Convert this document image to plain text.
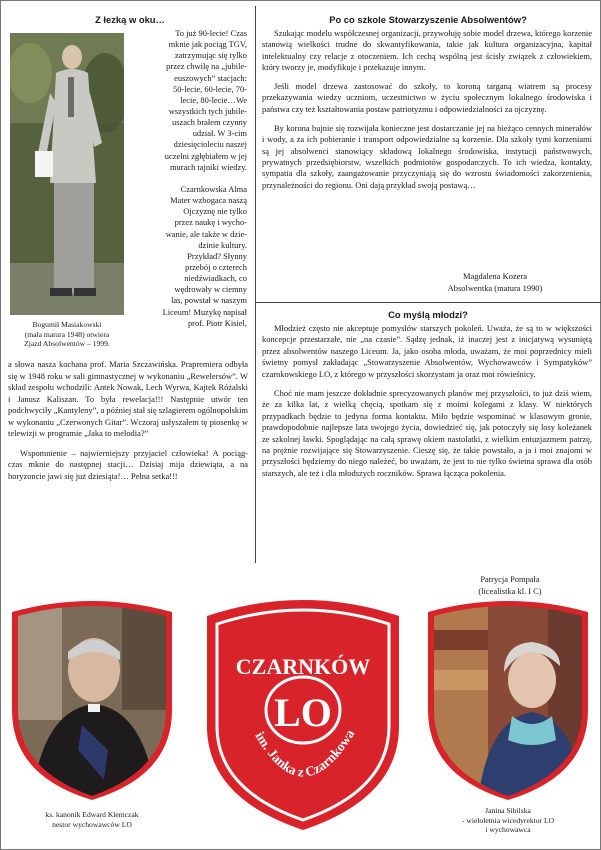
Z łezką w oku…
Bogumił Masiakowski
(mała matura 1948) otwiera
Zjazd Absolwentów – 1999.
To już 90-lecie! Czas
mknie jak pociąg TGV,
zatrzymując się tylko
przez chwilę na „jubile-
euszowych” stacjach:
50-lecie, 60-lecie, 70-
lecie, 80-lecie…We
wszystkich tych jubile-
uszach brałem czynny
udział. W 3-cim
dziesięcioleciu naszej
uczelni zgłębiałem w jej
murach tajniki wiedzy.
Czarnkowska Alma
Mater wzbogaca naszą
Ojczyznę nie tylko
przez naukę i wycho-
wanie, ale także w dzie-
dzinie kultury.
Przykład? Słynny
przebój o czterech
niedźwiadkach, co
wędrowały w ciemny
las, powstał w naszym
Liceum! Muzykę napisał
prof. Piotr Kisiel,

a słowa nasza kochana prof. Maria Szczawińska. Prapremiera odbyła się w 1948 roku w sali gimnastycznej w wykonaniu „Rewelersów”. W skład zespołu wchodzili: Antek Nowak, Lech Wyrwa, Kajtek Różalski i Janusz Kaliszan. To była rewelacja!!! Następnie utwór ten podchwyciły „Kantyleny”, a później stał się szlagierem ogólnopolskim w wykonaniu „Czerwonych Gitar”. Wczoraj usłyszałem tę piosenkę w telewizji w programie „Jaka to melodia?”

Wspomnienie – najwierniejszy przyjaciel człowieka! A pociąg-czas mknie do następnej stacji… Dzisiaj mija dziewiąta, a na horyzoncie jawi się już dziesiąta!… Pełna setka!!!

Po co szkole Stowarzyszenie Absolwentów?

Szukając modelu współczesnej organizacji, przywołuję sobie model drzewa, którego korzenie stanowią wielkości trudne do skwantyfikowania, takie jak kultura organizacyjna, kapitał intelektualny czy relacje z otoczeniem. Ich cechą wspólną jest ścisły związek z człowiekiem, który tworzy je, modyfikuje i przekazuje innym.

Jeśli model drzewa zastosować do szkoły, to koroną targaną wiatrem są procesy przekazywania wiedzy uczniom, uczestnictwo w życiu społecznym lokalnego środowiska i państwa czy też kształtowania postaw patriotyzmu i odpowiedzialności za ojczyznę.

By korona bujnie się rozwijała konieczne jest dostarczanie jej na bieżąco cennych minerałów i wody, a za ich pobieranie i transport odpowiedzialne są korzenie. Dla szkoły tymi korzeniami są jej absolwenci stanowiący składową lokalnego środowiska, instytucji państwowych, prywatnych przedsiębiorstw, wszelkich podmiotów gospodarczych. To ich wiedza, kontakty, sympatia dla szkoły, zaangażowanie przyczyniają się do wzrostu świadomości zakorzenienia, przynależności do regionu. Oni dają przykład swoją postawą…

Magdalena Kozera
Absolwentka (matura 1990)
Co myślą młodzi?

Młodzież często nie akceptuje pomysłów starszych pokoleń. Uważa, że są to w większości koncepcje przestarzałe, nie „na czasie”. Sądzę jednak, iż inaczej jest z inicjatywą wysuniętą przez absolwentów naszego Liceum. Ja, jako osoba młoda, uważam, że moi poprzednicy mieli świetny pomysł zakładając „Stowarzyszenie Absolwentów, Wychowawców i Sympatyków” czarnkowskiego LO, z którego w przyszłości skorzystam ja oraz moi rówieśnicy.

Choć nie mam jeszcze dokładnie sprecyzowanych planów mej przyszłości, to już dziś wiem, że za kilka lat, z wielką chęcią, spotkam się z moimi kolegami z klasy. W niektórych przypadkach będzie to jedyna forma kontaktu. Miło będzie wspominać w klasowym gronie, prawdopodobnie najlepsze lata swojego życia, dowiedzieć się, jak potoczyły się losy koleżanek ze szkolnej ławki. Spoglądając na całą sprawę okiem nastolatki, z wielkim entuzjazmem patrzę, na prężnie rozwijające się Stowarzyszenie. Cieszę się, że takie powstało, a ja i moi znajomi w przyszłości będziemy do niego należeć, bo uważam, że jest to nie tylko świetna sprawa dla osób starszych, ale też i dla młodszych roczników. Sprawa łącząca pokolenia.

Patrycja Pompała
(licealistka kl. I C)
ks. kanonik Edward Klemczak
nestor wychowawców LO
CZARNKÓW
LO
im. Janka z Czarnkowa
Janina Sibilska
- wieloletnia wicedyrektor LO
i wychowawca
